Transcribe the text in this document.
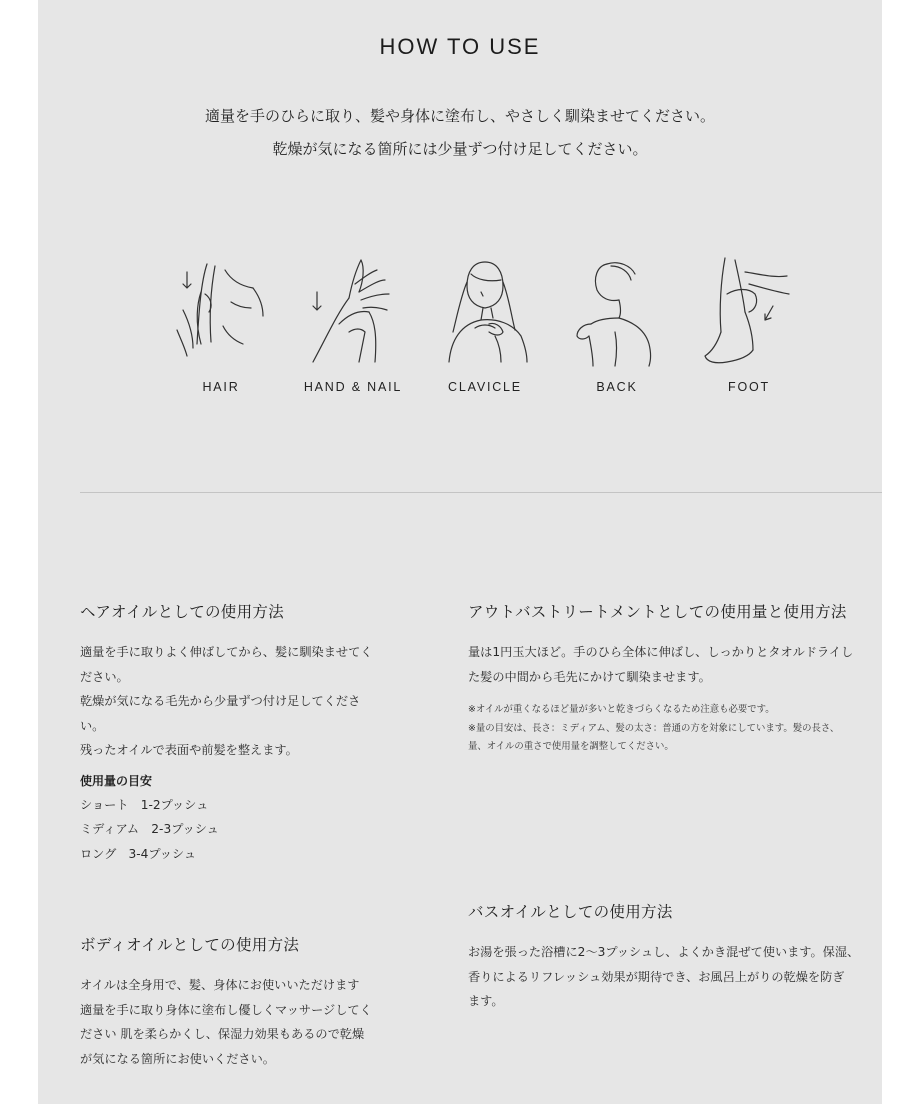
HOW TO USE

適量を手のひらに取り、髪や身体に塗布し、やさしく馴染ませてください。

乾燥が気になる箇所には少量ずつ付け足してください。

HAIR	HAND & NAIL	CLAVICLE	BACK	FOOT
ヘアオイルとしての使用方法
適量を手に取りよく伸ばしてから、髪に馴染ませてく
ださい。
乾燥が気になる毛先から少量ずつ付け足してくださ
い。
残ったオイルで表面や前髪を整えます。
使用量の目安
ショート　1-2プッシュ
ミディアム　2-3プッシュ
ロング　3-4プッシュ
アウトバストリートメントとしての使用量と使用方法
量は1円玉大ほど。手のひら全体に伸ばし、しっかりとタオルドライし
た髪の中間から毛先にかけて馴染ませます。
※オイルが重くなるほど量が多いと乾きづらくなるため注意も必要です。
※量の目安は、長さ：ミディアム、髪の太さ：普通の方を対象にしています。髪の長さ、
量、オイルの重さで使用量を調整してください。
バスオイルとしての使用方法
お湯を張った浴槽に2〜3プッシュし、よくかき混ぜて使います。保湿、
香りによるリフレッシュ効果が期待でき、お風呂上がりの乾燥を防ぎ
ます。
ボディオイルとしての使用方法
オイルは全身用で、髪、身体にお使いいただけます
適量を手に取り身体に塗布し優しくマッサージしてく
ださい 肌を柔らかくし、保湿力効果もあるので乾燥
が気になる箇所にお使いください。
